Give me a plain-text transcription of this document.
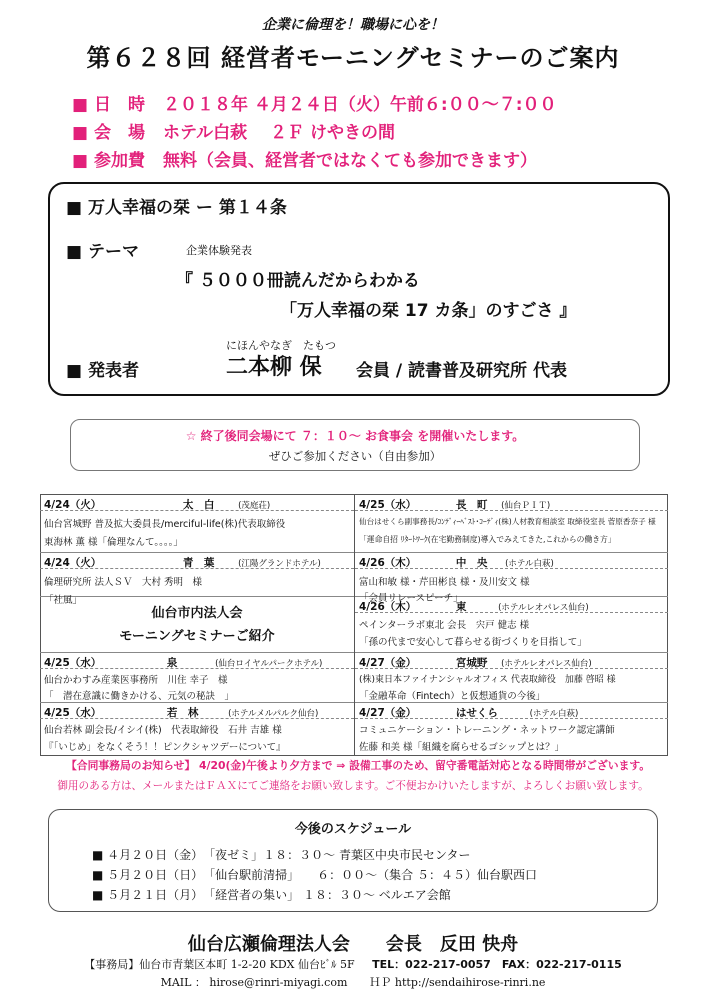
企業に倫理を！職場に心を！
第６２８回 経営者モーニングセミナーのご案内
■ 日　時 ２０１８年 ４月２４日（火）午前６:００～７:００
■ 会　場 ホテル白萩　 ２Ｆ けやきの間
■ 参加費 無料（会員、経営者ではなくても参加できます）
■ 万人幸福の栞 ー 第１４条
■ テーマ	企業体験発表
『 ５０００冊読んだからわかる
「万人幸福の栞 17 カ条」のすごさ 』
にほんやなぎ　たもつ
■ 発表者	二本柳 保 会員 / 読書普及研究所 代表
☆ 終了後同会場にて ７：１０～ お食事会 を開催いたします。
ぜひご参加ください（自由参加）
4/24（火）	太　白	(茂庭荘)
仙台宮城野 普及拡大委員長/merciful-life(株)代表取締役
東海林 薫 様「倫理なんて。。。。」
4/25（水）	長　町 (仙台ＰＩＴ)
仙台はせくら副事務長/ｺﾝﾃﾞｨｰﾍﾞｽﾄ･ｺｰﾃﾞｨ(株)人材教育相談室 取締役室長 菅原香奈子 様
「運命自招 ﾘﾀｰﾄﾜｰｸ(在宅勤務制度)導入でみえてきた,これからの働き方」
4/24（火）	青　葉	(江陽グランドホテル)
倫理研究所 法人ＳＶ　大村 秀明　様
「社風」
4/26（木）	中　央 (ホテル白萩)
富山和敏 様・芹田彬良 様・及川安文 様
「会員リレースピーチ」
仙台市内法人会
モーニングセミナーご紹介
4/26（木）	東	(ホテルレオパレス仙台)
ペインターラボ東北 会長　宍戸 健志 様
「孫の代まで安心して暮らせる街づくりを目指して」
4/25（水）	泉	(仙台ロイヤルパークホテル)
仙台かわすみ産業医事務所　川住 幸子　様
「　潜在意識に働きかける、元気の秘訣　」
4/27（金）	宮城野 (ホテルレオパレス仙台)
(株)東日本ファイナンシャルオフィス 代表取締役　加藤 啓昭 様
「金融革命（Fintech）と仮想通貨の今後」
4/25（水）	若　林	(ホテルメルパルク仙台)
仙台若林 副会長/イシイ(株)　代表取締役　石井 吉雄 様
『「いじめ」をなくそう！！ピンクシャツデーについて』
4/27（金）	はせくら	(ホテル白萩)
コミュニケーション・トレーニング・ネットワーク認定講師
佐藤 和美 様「組織を腐らせるゴシップとは？」
【合同事務局のお知らせ】 4/20(金)午後より夕方まで ⇒ 設備工事のため、留守番電話対応となる時間帯がございます。
御用のある方は、メールまたはＦＡＸにてご連絡をお願い致します。ご不便おかけいたしますが、よろしくお願い致します。
今後のスケジュール
■ ４月２０日（金）　「夜ゼミ」１８：３０～ 青葉区中央市民センター
■ ５月２０日（日）　「仙台駅前清掃」　　６：００～（集合 ５：４５）仙台駅西口
■ ５月２１日（月）　「経営者の集い」 １８：３０～ ベルエア会館
仙台広瀬倫理法人会　　会長　反田 快舟
【事務局】仙台市青葉区本町 1-2-20 KDX 仙台ﾋﾞﾙ 5F TEL：022-217-0057　FAX：022-217-0115
MAIL ： hirose@rinri-miyagi.com　　ＨＰ http://sendaihirose-rinri.ne
